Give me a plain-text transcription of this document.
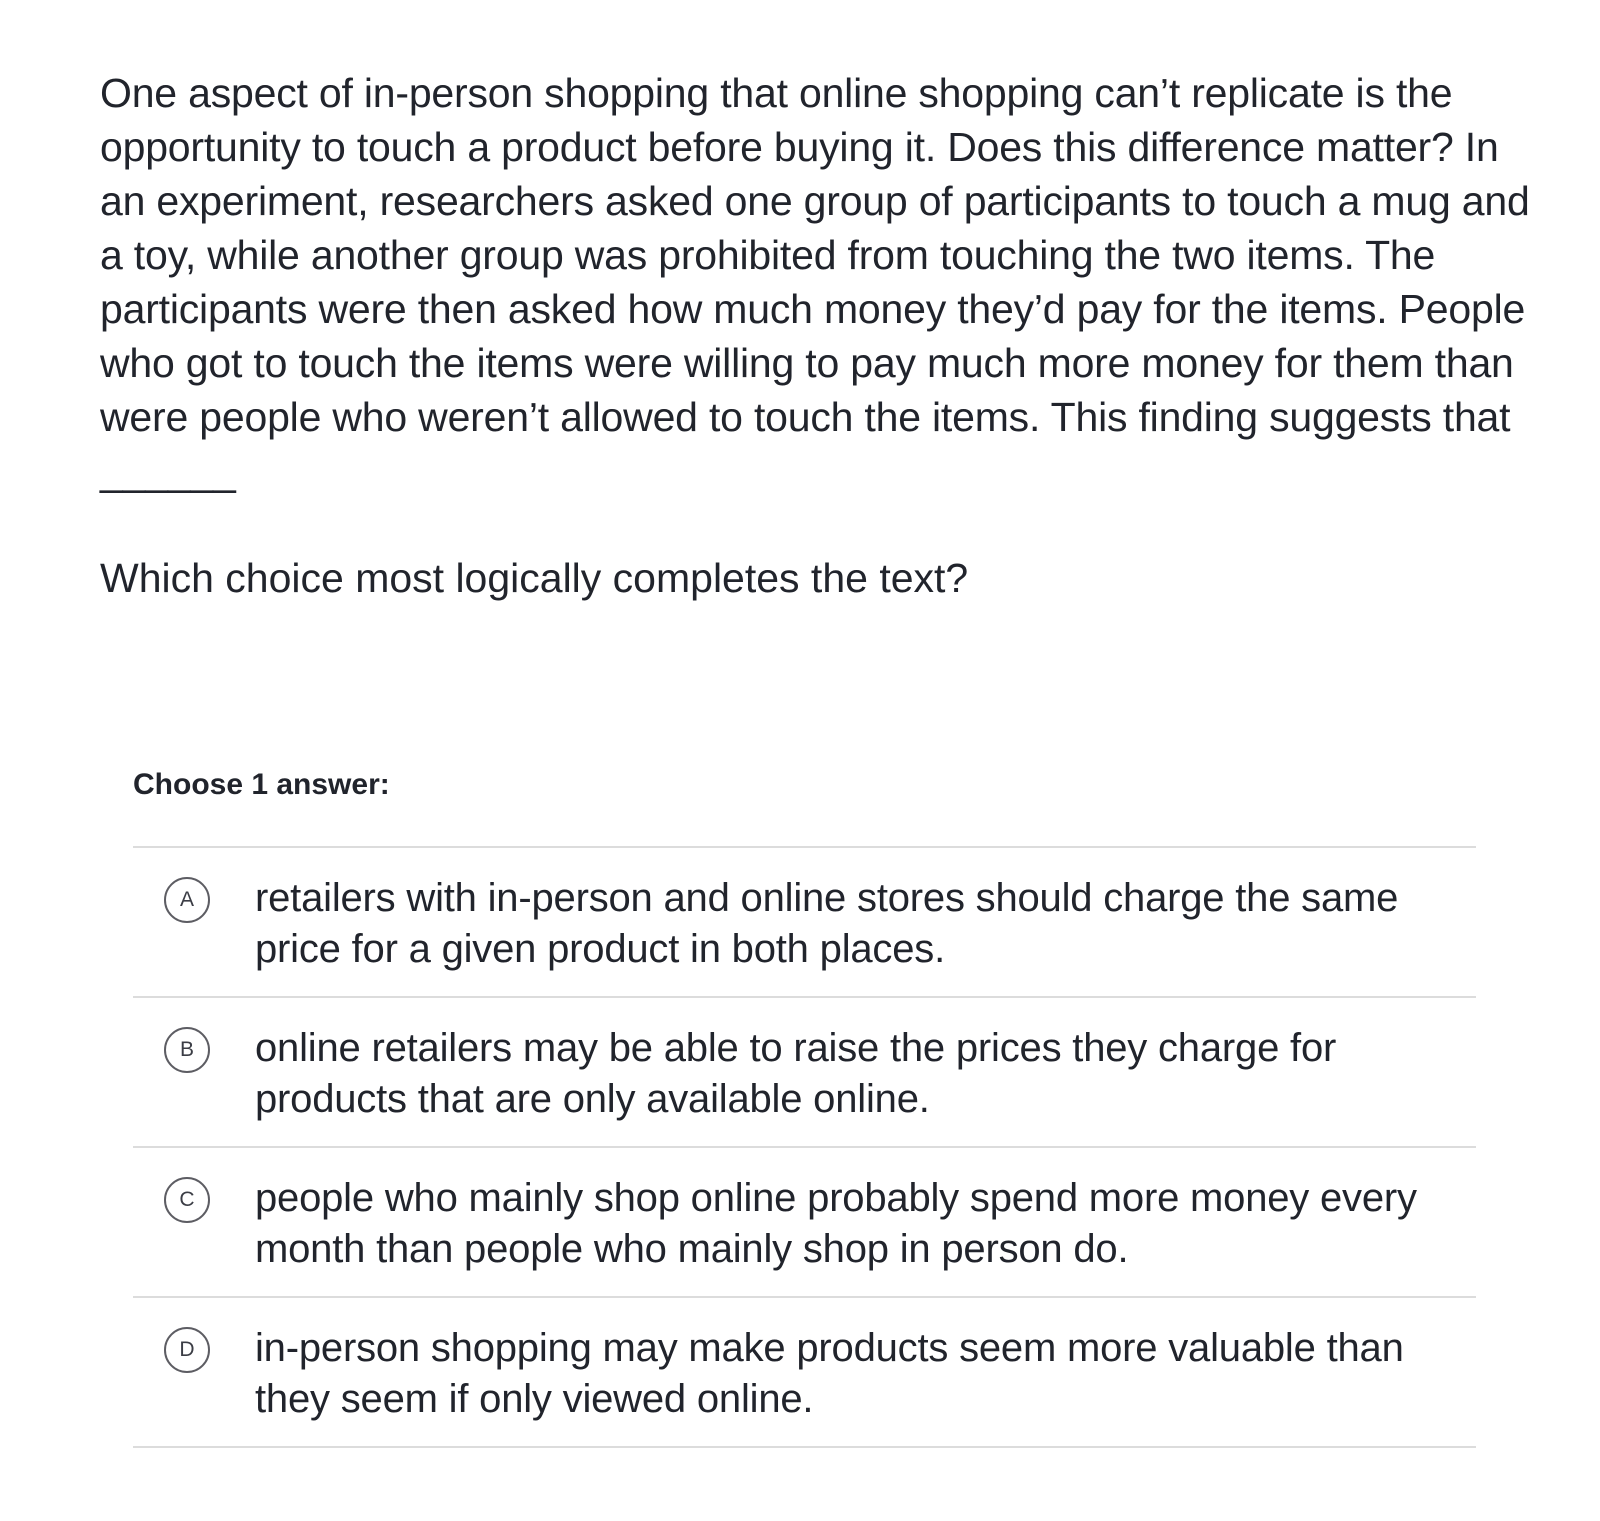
One aspect of in-person shopping that online shopping can’t replicate is the opportunity to touch a product before buying it. Does this difference matter? In an experiment, researchers asked one group of participants to touch a mug and a toy, while another group was prohibited from touching the two items. The participants were then asked how much money they’d pay for the items. People who got to touch the items were willing to pay much more money for them than were people who weren’t allowed to touch the items. This finding suggests that ______

Which choice most logically completes the text?

Choose 1 answer:

A	retailers with in-person and online stores should charge the same price for a given product in both places.
B	online retailers may be able to raise the prices they charge for products that are only available online.
C	people who mainly shop online probably spend more money every month than people who mainly shop in person do.
D	in-person shopping may make products seem more valuable than they seem if only viewed online.
